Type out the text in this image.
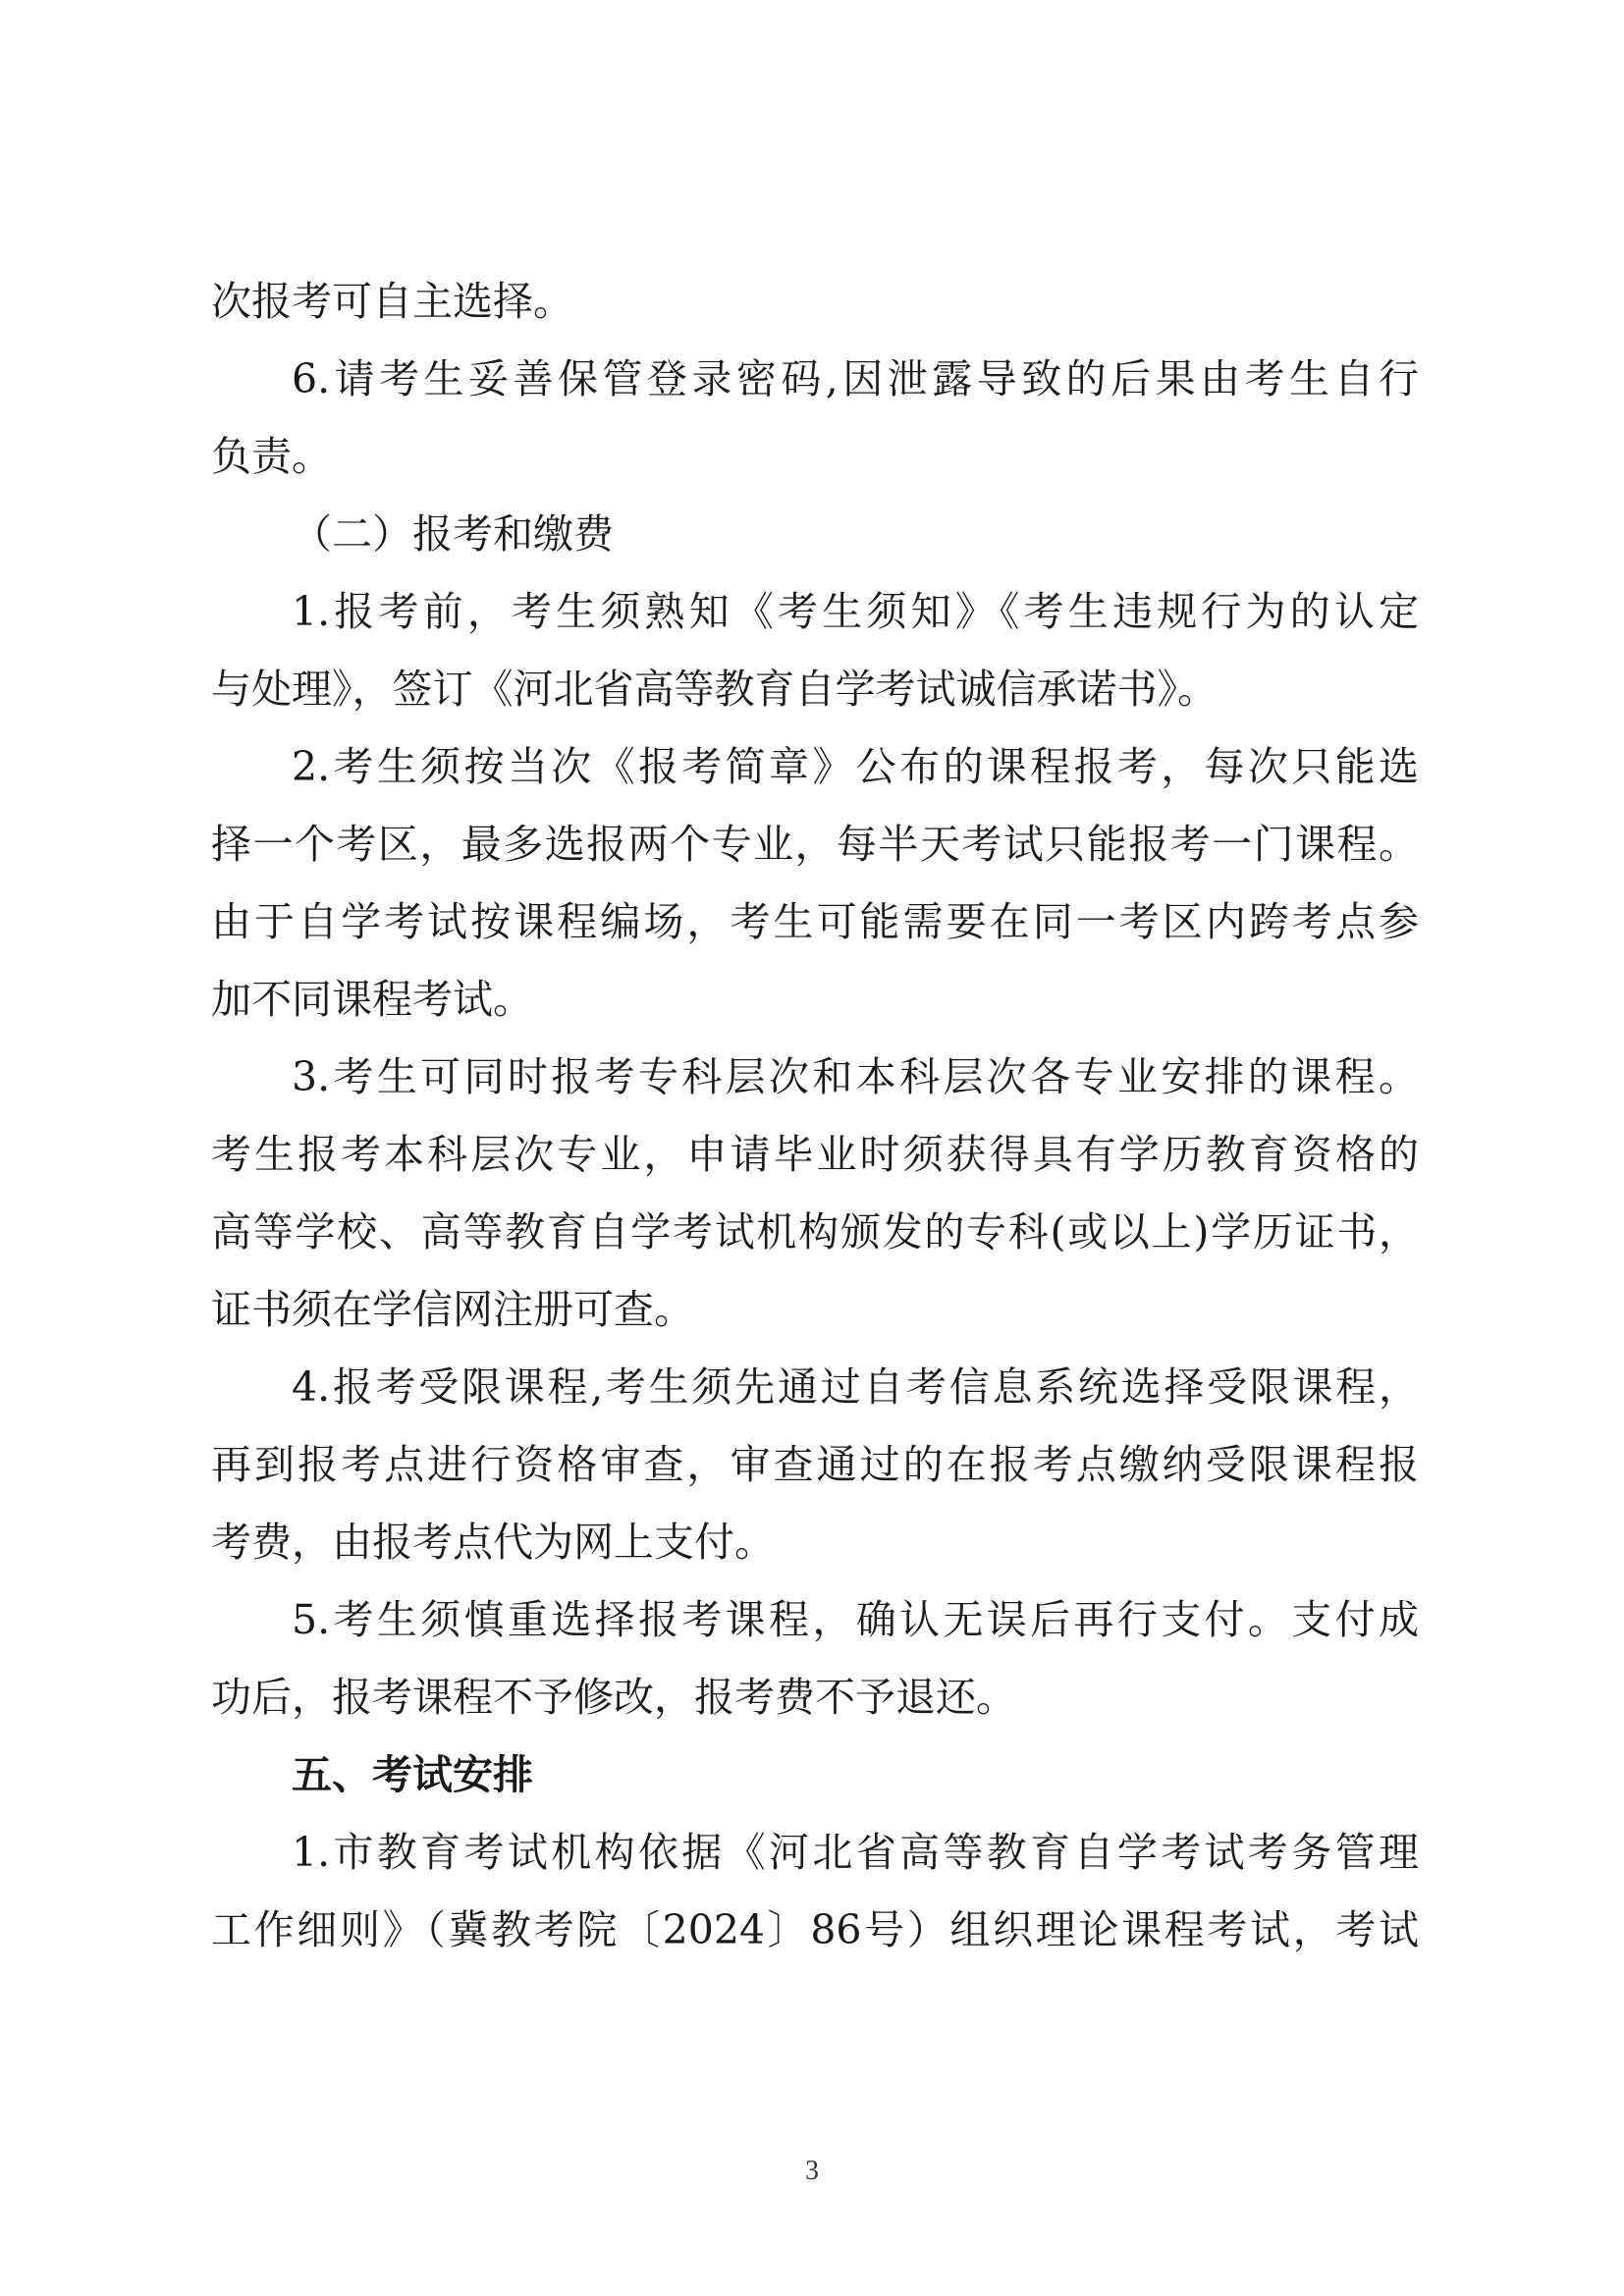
次报考可自主选择。
6.请考生妥善保管登录密码,因泄露导致的后果由考生自行
负责。
（二）报考和缴费
1.报考前，考生须熟知《考生须知》《考生违规行为的认定
与处理》，签订《河北省高等教育自学考试诚信承诺书》。
2.考生须按当次《报考简章》公布的课程报考，每次只能选
择一个考区，最多选报两个专业，每半天考试只能报考一门课程。
由于自学考试按课程编场，考生可能需要在同一考区内跨考点参
加不同课程考试。
3.考生可同时报考专科层次和本科层次各专业安排的课程。
考生报考本科层次专业，申请毕业时须获得具有学历教育资格的
高等学校、高等教育自学考试机构颁发的专科(或以上)学历证书，
证书须在学信网注册可查。
4.报考受限课程,考生须先通过自考信息系统选择受限课程，
再到报考点进行资格审查，审查通过的在报考点缴纳受限课程报
考费，由报考点代为网上支付。
5.考生须慎重选择报考课程，确认无误后再行支付。支付成
功后，报考课程不予修改，报考费不予退还。
五、考试安排
1.市教育考试机构依据《河北省高等教育自学考试考务管理
工作细则》（冀教考院〔2024〕86号）组织理论课程考试，考试
3
